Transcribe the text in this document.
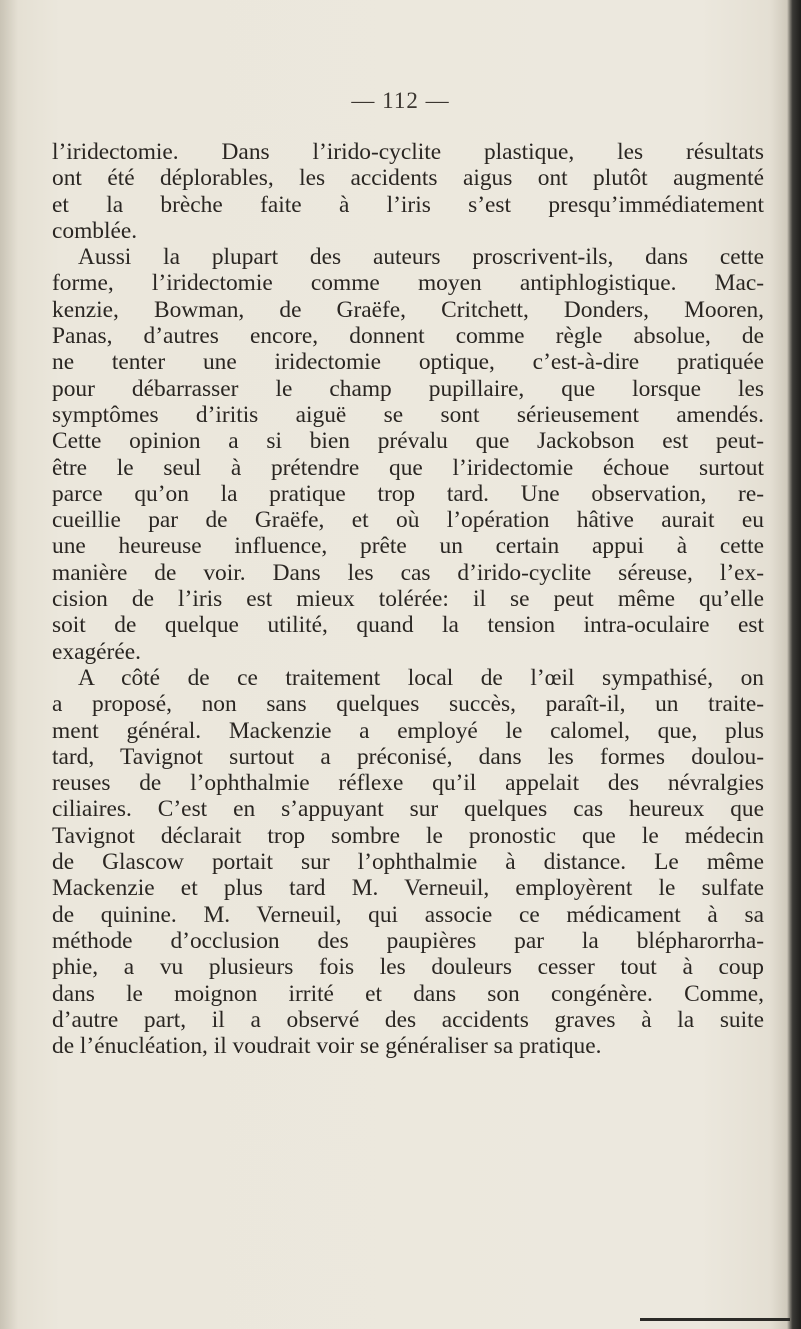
— 112 —
l’iridectomie. Dans l’irido-cyclite plastique, les résultats
ont été déplorables, les accidents aigus ont plutôt augmenté
et la brèche faite à l’iris s’est presqu’immédiatement
comblée.
Aussi la plupart des auteurs proscrivent-ils, dans cette
forme, l’iridectomie comme moyen antiphlogistique. Mac-
kenzie, Bowman, de Graëfe, Critchett, Donders, Mooren,
Panas, d’autres encore, donnent comme règle absolue, de
ne tenter une iridectomie optique, c’est-à-dire pratiquée
pour débarrasser le champ pupillaire, que lorsque les
symptômes d’iritis aiguë se sont sérieusement amendés.
Cette opinion a si bien prévalu que Jackobson est peut-
être le seul à prétendre que l’iridectomie échoue surtout
parce qu’on la pratique trop tard. Une observation, re-
cueillie par de Graëfe, et où l’opération hâtive aurait eu
une heureuse influence, prête un certain appui à cette
manière de voir. Dans les cas d’irido-cyclite séreuse, l’ex-
cision de l’iris est mieux tolérée: il se peut même qu’elle
soit de quelque utilité, quand la tension intra-oculaire est
exagérée.
A côté de ce traitement local de l’œil sympathisé, on
a proposé, non sans quelques succès, paraît-il, un traite-
ment général. Mackenzie a employé le calomel, que, plus
tard, Tavignot surtout a préconisé, dans les formes doulou-
reuses de l’ophthalmie réflexe qu’il appelait des névralgies
ciliaires. C’est en s’appuyant sur quelques cas heureux que
Tavignot déclarait trop sombre le pronostic que le médecin
de Glascow portait sur l’ophthalmie à distance. Le même
Mackenzie et plus tard M. Verneuil, employèrent le sulfate
de quinine. M. Verneuil, qui associe ce médicament à sa
méthode d’occlusion des paupières par la blépharorrha-
phie, a vu plusieurs fois les douleurs cesser tout à coup
dans le moignon irrité et dans son congénère. Comme,
d’autre part, il a observé des accidents graves à la suite
de l’énucléation, il voudrait voir se généraliser sa pratique.
